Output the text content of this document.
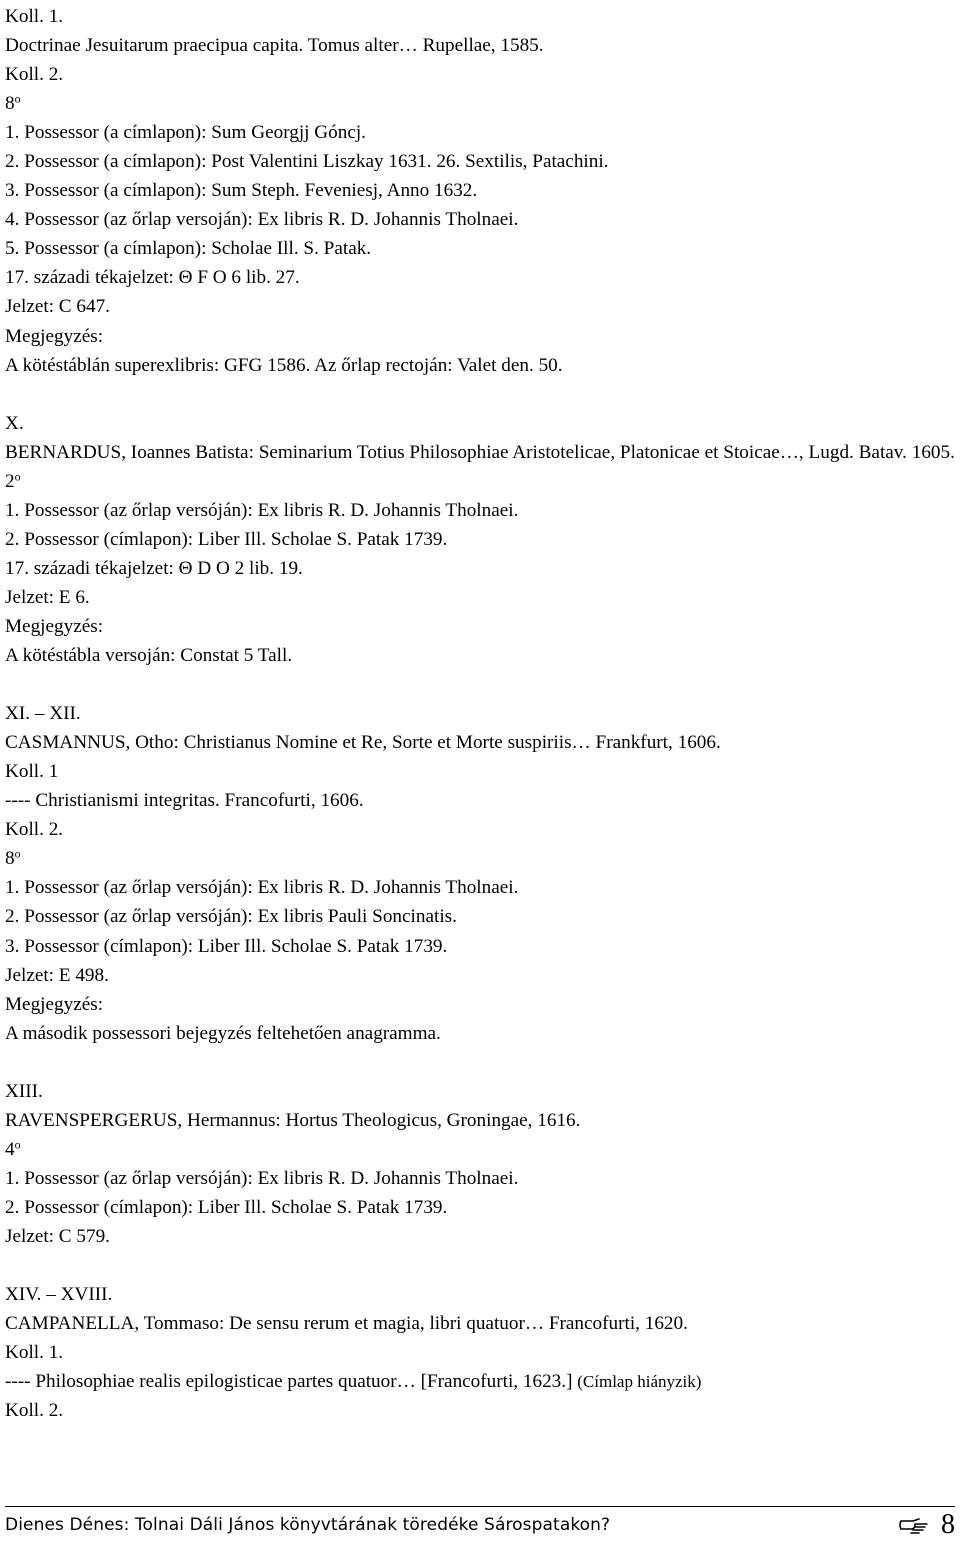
Koll. 1.
Doctrinae Jesuitarum praecipua capita. Tomus alter… Rupellae, 1585.
Koll. 2.
8$^o$
1. Possessor (a címlapon): Sum Georgjj Góncj.
2. Possessor (a címlapon): Post Valentini Liszkay 1631. 26. Sextilis, Patachini.
3. Possessor (a címlapon): Sum Steph. Feveniesj, Anno 1632.
4. Possessor (az őrlap versoján): Ex libris R. D. Johannis Tholnaei.
5. Possessor (a címlapon): Scholae Ill. S. Patak.
17. századi tékajelzet: Θ F O 6 lib. 27.
Jelzet: C 647.
Megjegyzés:
A kötéstáblán superexlibris: GFG 1586. Az őrlap rectoján: Valet den. 50.
X.
BERNARDUS, Ioannes Batista: Seminarium Totius Philosophiae Aristotelicae, Platonicae et Stoicae…, Lugd. Batav. 1605.
2$^o$
1. Possessor (az őrlap versóján): Ex libris R. D. Johannis Tholnaei.
2. Possessor (címlapon): Liber Ill. Scholae S. Patak 1739.
17. századi tékajelzet: Θ D O 2 lib. 19.
Jelzet: E 6.
Megjegyzés:
A kötéstábla versoján: Constat 5 Tall.
XI. – XII.
CASMANNUS, Otho: Christianus Nomine et Re, Sorte et Morte suspiriis… Frankfurt, 1606.
Koll. 1
---- Christianismi integritas. Francofurti, 1606.
Koll. 2.
8$^o$
1. Possessor (az őrlap versóján): Ex libris R. D. Johannis Tholnaei.
2. Possessor (az őrlap versóján): Ex libris Pauli Soncinatis.
3. Possessor (címlapon): Liber Ill. Scholae S. Patak 1739.
Jelzet: E 498.
Megjegyzés:
A második possessori bejegyzés feltehetően anagramma.
XIII.
RAVENSPERGERUS, Hermannus: Hortus Theologicus, Groningae, 1616.
4$^o$
1. Possessor (az őrlap versóján): Ex libris R. D. Johannis Tholnaei.
2. Possessor (címlapon): Liber Ill. Scholae S. Patak 1739.
Jelzet: C 579.
XIV. – XVIII.
CAMPANELLA, Tommaso: De sensu rerum et magia, libri quatuor… Francofurti, 1620.
Koll. 1.
---- Philosophiae realis epilogisticae partes quatuor… [Francofurti, 1623.] (Címlap hiányzik)
Koll. 2.
Dienes Dénes: Tolnai Dáli János könyvtárának töredéke Sárospatakon?	8
